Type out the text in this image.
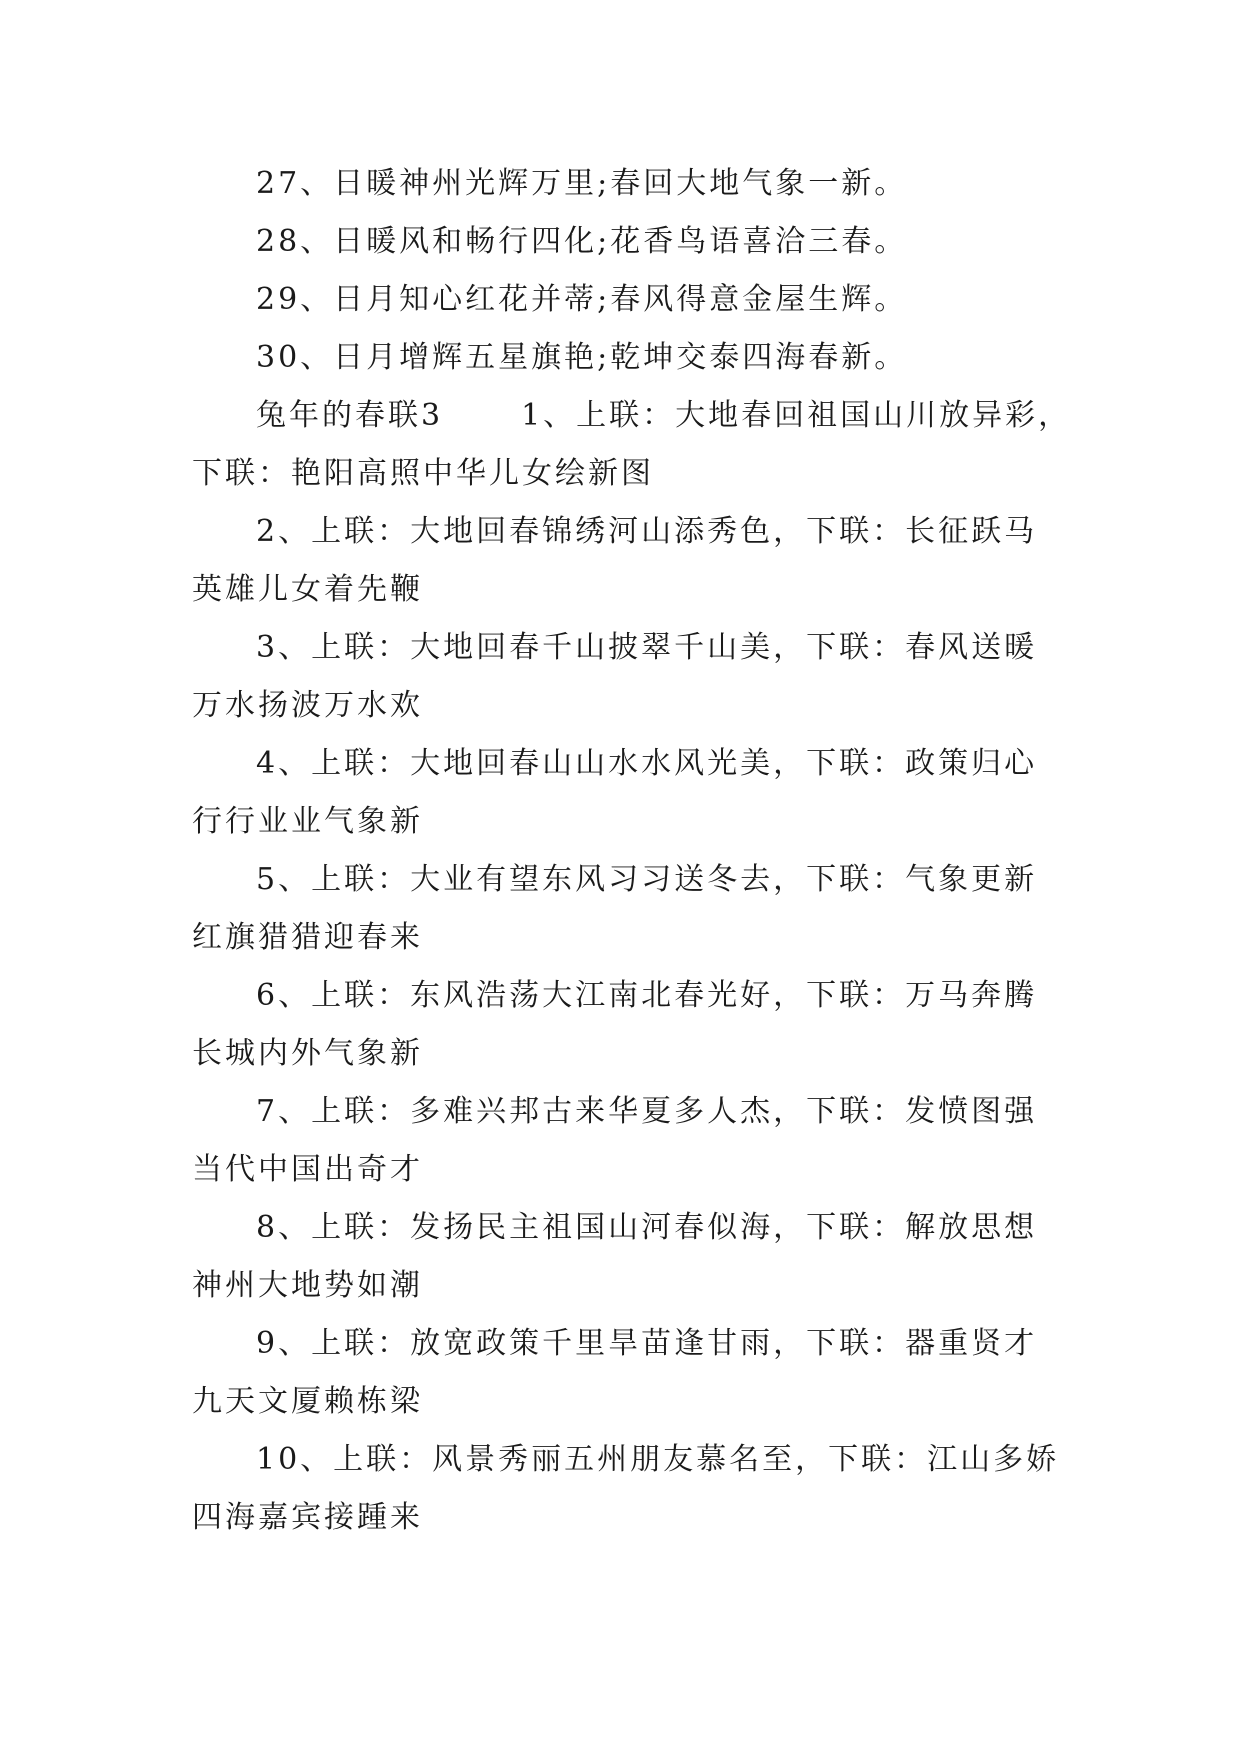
27、日暖神州光辉万里;春回大地气象一新。
28、日暖风和畅行四化;花香鸟语喜洽三春。
29、日月知心红花并蒂;春风得意金屋生辉。
30、日月增辉五星旗艳;乾坤交泰四海春新。
兔年的春联3	1、上联：大地春回祖国山川放异彩，
下联：艳阳高照中华儿女绘新图
2、上联：大地回春锦绣河山添秀色，下联：长征跃马
英雄儿女着先鞭
3、上联：大地回春千山披翠千山美，下联：春风送暖
万水扬波万水欢
4、上联：大地回春山山水水风光美，下联：政策归心
行行业业气象新
5、上联：大业有望东风习习送冬去，下联：气象更新
红旗猎猎迎春来
6、上联：东风浩荡大江南北春光好，下联：万马奔腾
长城内外气象新
7、上联：多难兴邦古来华夏多人杰，下联：发愤图强
当代中国出奇才
8、上联：发扬民主祖国山河春似海，下联：解放思想
神州大地势如潮
9、上联：放宽政策千里旱苗逢甘雨，下联：器重贤才
九天文厦赖栋梁
10、上联：风景秀丽五州朋友慕名至，下联：江山多娇
四海嘉宾接踵来
